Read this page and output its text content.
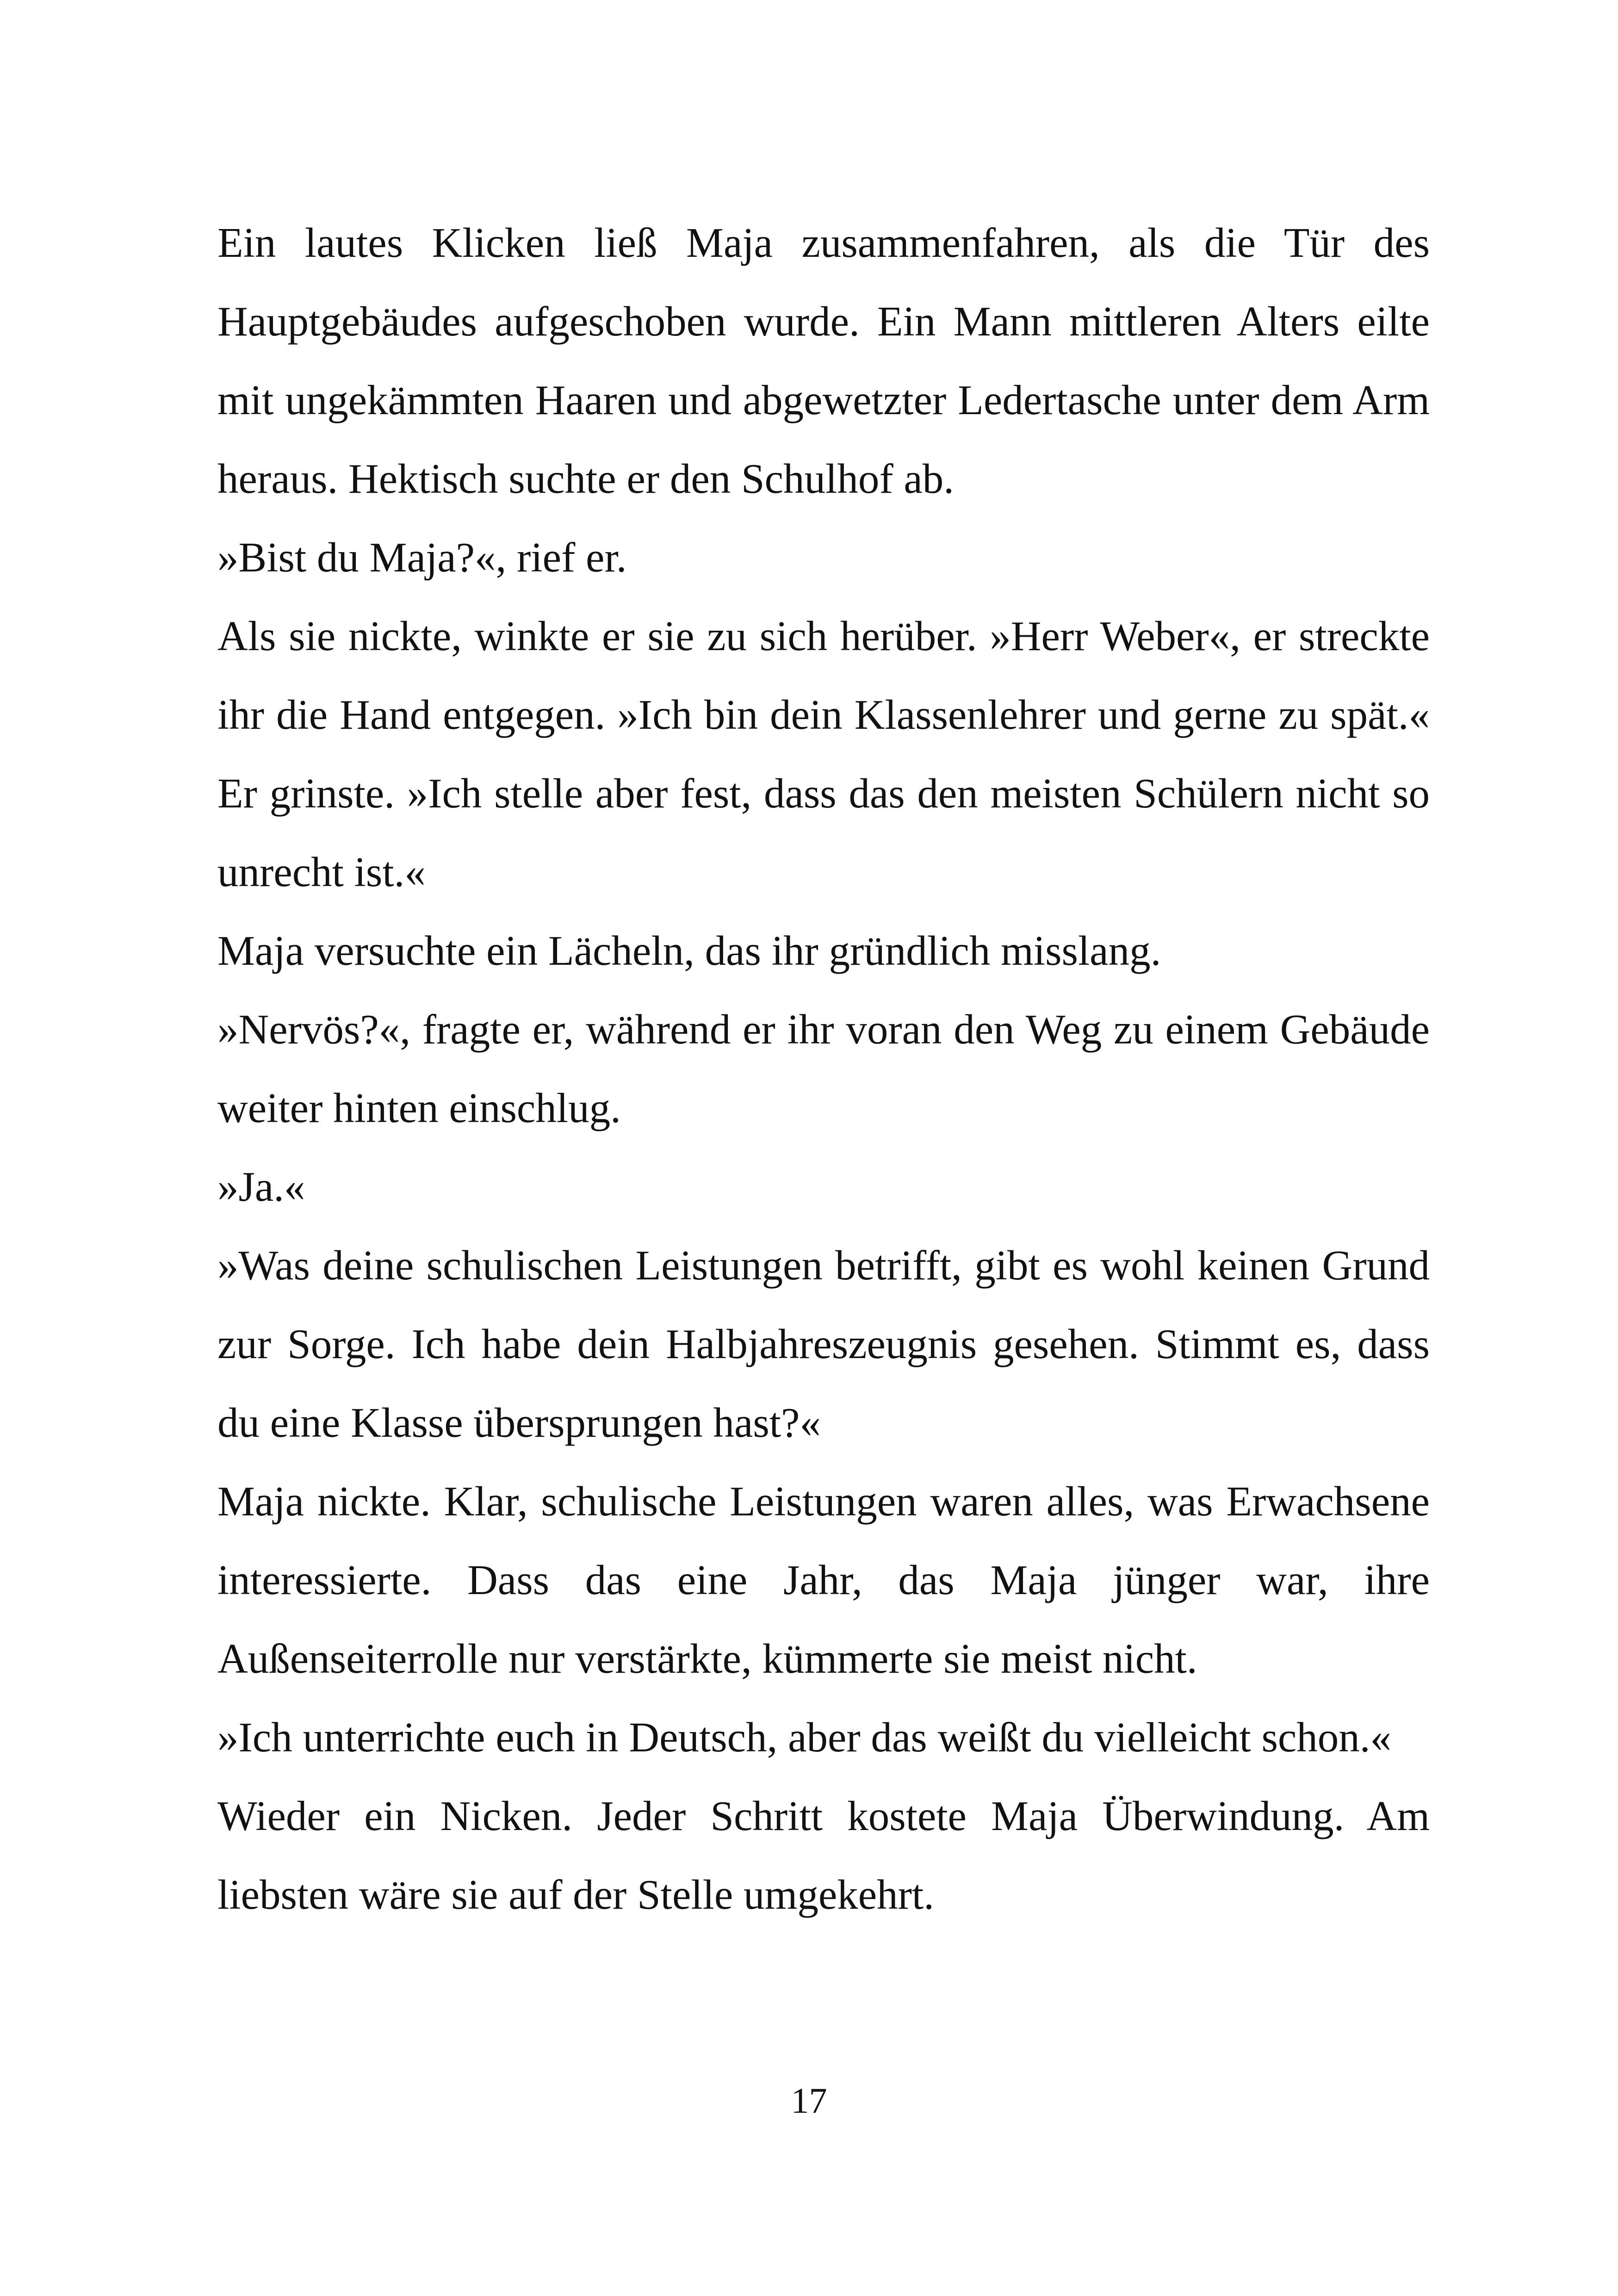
Ein lautes Klicken ließ Maja zusammenfahren, als die Tür des Hauptgebäudes aufgeschoben wurde. Ein Mann mittleren Alters eilte mit ungekämmten Haaren und abgewetzter Ledertasche unter dem Arm heraus. Hektisch suchte er den Schulhof ab.

»Bist du Maja?«, rief er.

Als sie nickte, winkte er sie zu sich herüber. »Herr Weber«, er streckte ihr die Hand entgegen. »Ich bin dein Klassenlehrer und gerne zu spät.« Er grinste. »Ich stelle aber fest, dass das den meisten Schülern nicht so unrecht ist.«

Maja versuchte ein Lächeln, das ihr gründlich misslang.

»Nervös?«, fragte er, während er ihr voran den Weg zu einem Gebäude weiter hinten einschlug.

»Ja.«

»Was deine schulischen Leistungen betrifft, gibt es wohl keinen Grund zur Sorge. Ich habe dein Halbjahreszeugnis gesehen. Stimmt es, dass du eine Klasse übersprungen hast?«

Maja nickte. Klar, schulische Leistungen waren alles, was Erwachsene interessierte. Dass das eine Jahr, das Maja jünger war, ihre Außenseiterrolle nur verstärkte, kümmerte sie meist nicht.

»Ich unterrichte euch in Deutsch, aber das weißt du vielleicht schon.«

Wieder ein Nicken. Jeder Schritt kostete Maja Überwindung. Am liebsten wäre sie auf der Stelle umgekehrt.

17
